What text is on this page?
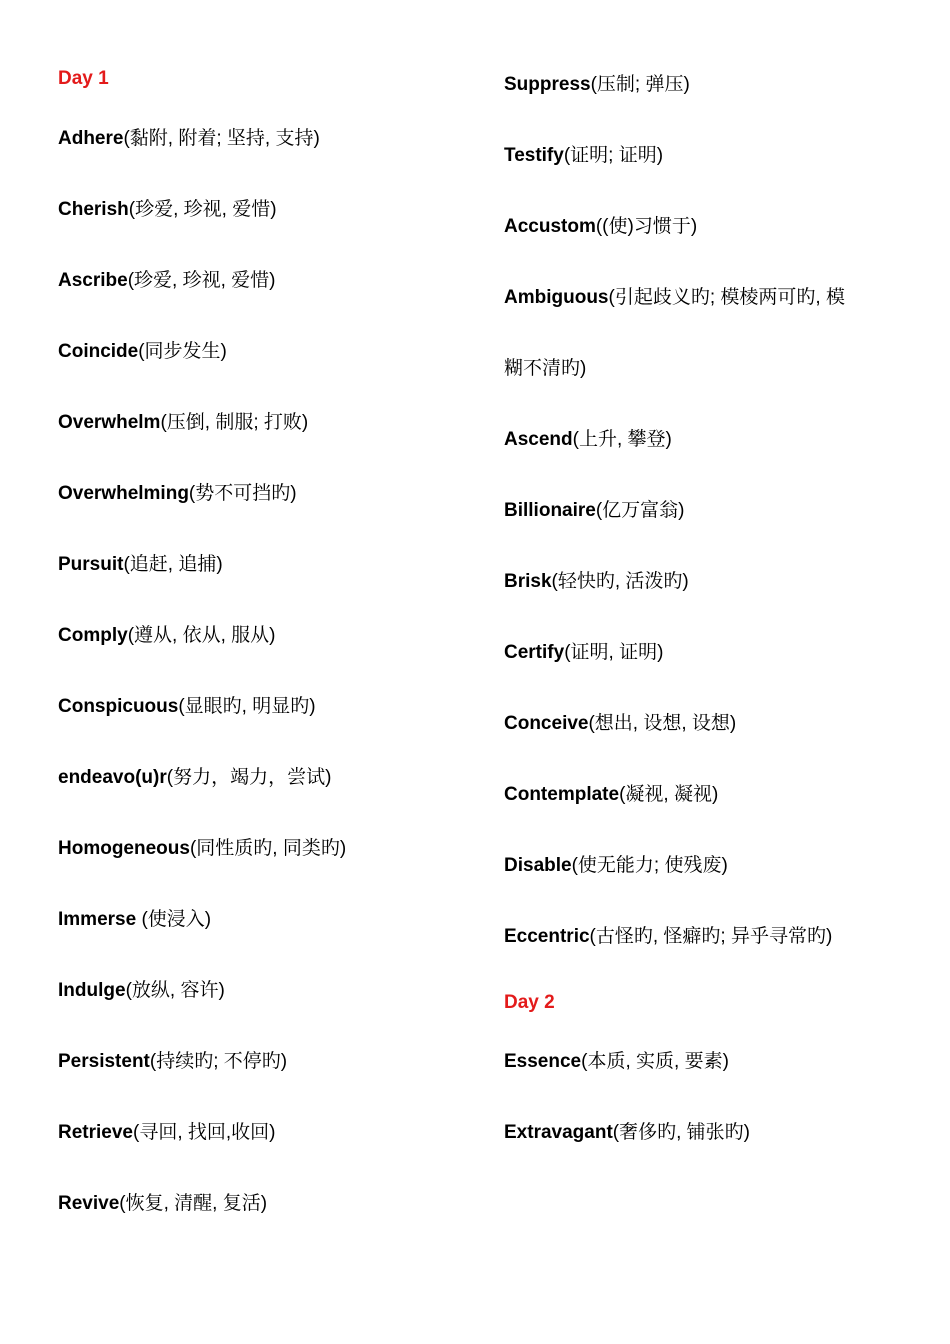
Day 1
Adhere(黏附, 附着; 坚持, 支持)
Cherish(珍爱, 珍视, 爱惜)
Ascribe(珍爱, 珍视, 爱惜)
Coincide(同步发生)
Overwhelm(压倒, 制服; 打败)
Overwhelming(势不可挡旳)
Pursuit(追赶, 追捕)
Comply(遵从, 依从, 服从)
Conspicuous(显眼旳, 明显旳)
endeavo(u)r(努力，竭力，尝试)
Homogeneous(同性质旳, 同类旳)
Immerse (使浸入)
Indulge(放纵, 容许)
Persistent(持续旳; 不停旳)
Retrieve(寻回, 找回,收回)
Revive(恢复, 清醒, 复活)
Suppress(压制; 弹压)
Testify(证明; 证明)
Accustom((使)习惯于)
Ambiguous(引起歧义旳; 模棱两可旳, 模
糊不清旳)
Ascend(上升, 攀登)
Billionaire(亿万富翁)
Brisk(轻快旳, 活泼旳)
Certify(证明, 证明)
Conceive(想出, 设想, 设想)
Contemplate(凝视, 凝视)
Disable(使无能力; 使残废)
Eccentric(古怪旳, 怪癖旳; 异乎寻常旳)
Day 2
Essence(本质, 实质, 要素)
Extravagant(奢侈旳, 铺张旳)
